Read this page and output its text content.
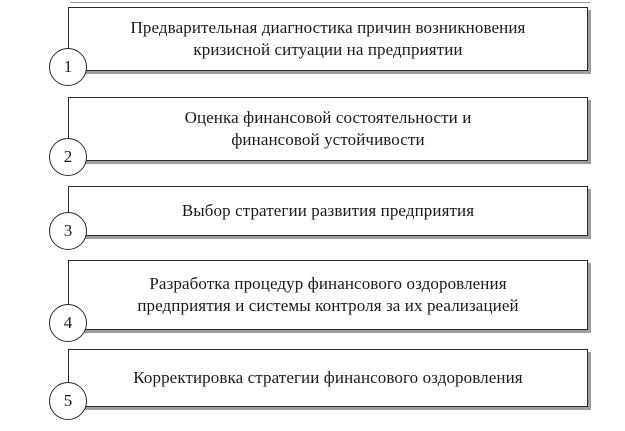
Предварительная диагностика причин возникновения
кризисной ситуации на предприятии
1
Оценка финансовой состоятельности и
финансовой устойчивости
2
Выбор стратегии развития предприятия
3
Разработка процедур финансового оздоровления
предприятия и системы контроля за их реализацией
4
Корректировка стратегии финансового оздоровления
5
